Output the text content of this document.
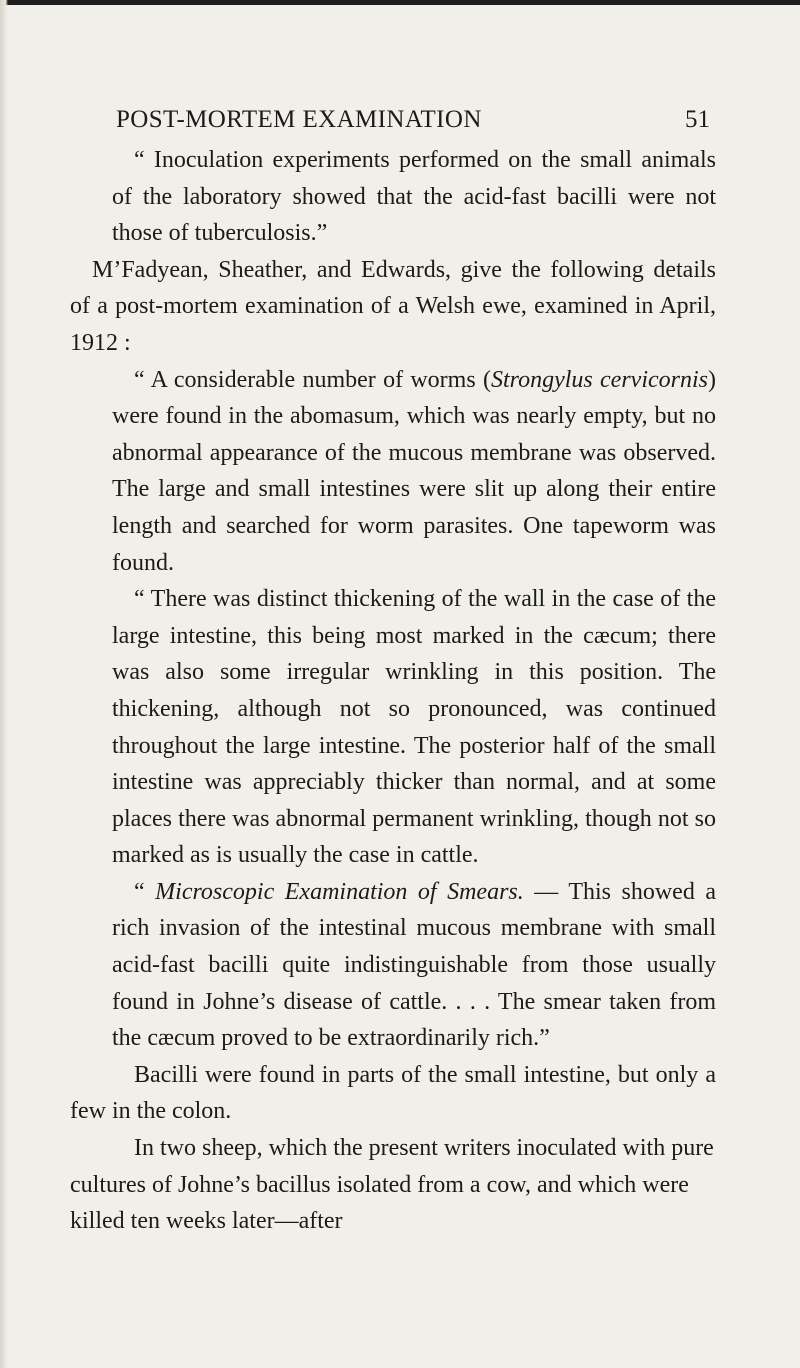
POST-MORTEM EXAMINATION	51

“ Inoculation experiments performed on the small animals of the laboratory showed that the acid-fast bacilli were not those of tuberculosis.”

M’Fadyean, Sheather, and Edwards, give the following details of a post-mortem examination of a Welsh ewe, examined in April, 1912 :

“ A considerable number of worms (Strongylus cervicornis) were found in the abomasum, which was nearly empty, but no abnormal appearance of the mucous membrane was observed. The large and small intestines were slit up along their entire length and searched for worm parasites. One tapeworm was found.

“ There was distinct thickening of the wall in the case of the large intestine, this being most marked in the cæcum; there was also some irregular wrinkling in this position. The thickening, although not so pronounced, was continued throughout the large intestine. The posterior half of the small intestine was appreciably thicker than normal, and at some places there was abnormal permanent wrinkling, though not so marked as is usually the case in cattle.

“ Microscopic Examination of Smears. — This showed a rich invasion of the intestinal mucous membrane with small acid-fast bacilli quite indistinguishable from those usually found in Johne’s disease of cattle. . . . The smear taken from the cæcum proved to be extraordinarily rich.”

Bacilli were found in parts of the small intestine, but only a few in the colon.

In two sheep, which the present writers inoculated with pure cultures of Johne’s bacillus isolated from a cow, and which were killed ten weeks later—after
